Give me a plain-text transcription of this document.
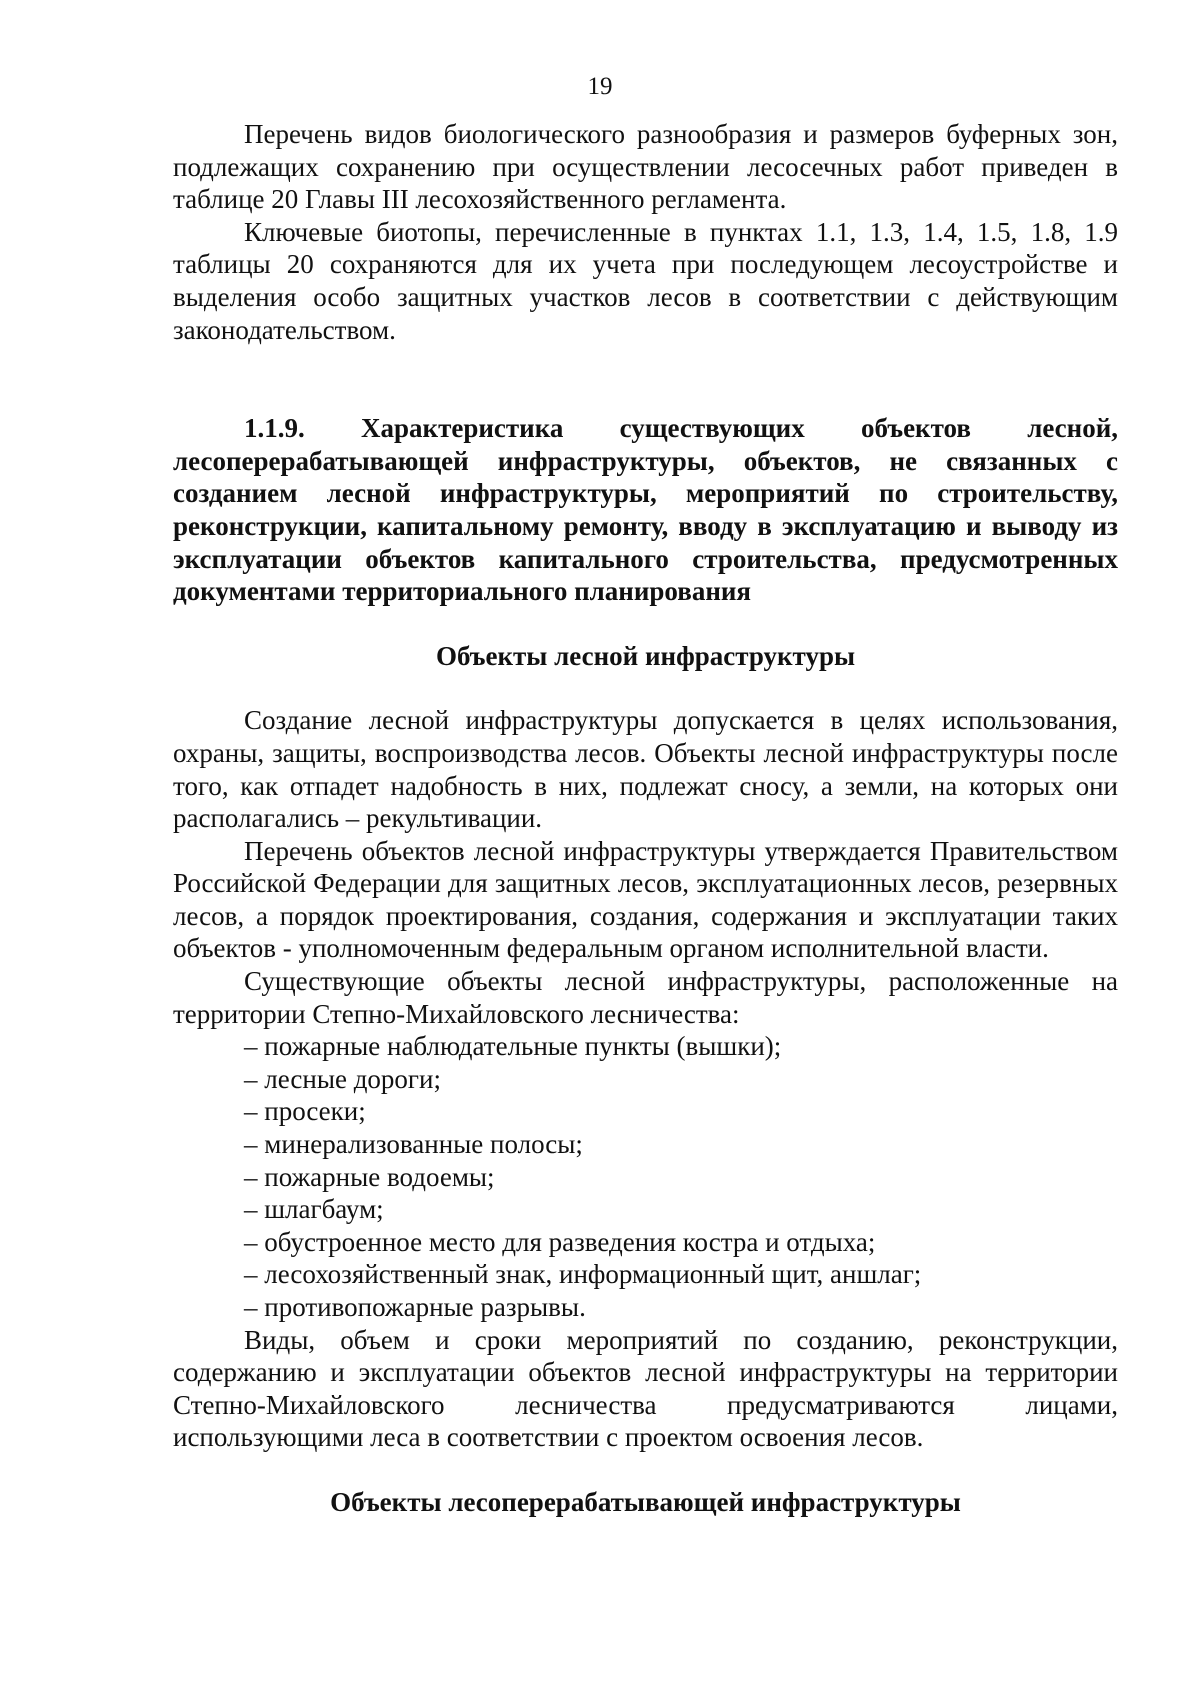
19

Перечень видов биологического разнообразия и размеров буферных зон, подлежащих сохранению при осуществлении лесосечных работ приведен в таблице 20 Главы III лесохозяйственного регламента.

Ключевые биотопы, перечисленные в пунктах 1.1, 1.3, 1.4, 1.5, 1.8, 1.9 таблицы 20 сохраняются для их учета при последующем лесоустройстве и выделения особо защитных участков лесов в соответствии с действующим законодательством.

1.1.9. Характеристика существующих объектов лесной, лесоперерабатывающей инфраструктуры, объектов, не связанных с созданием лесной инфраструктуры, мероприятий по строительству, реконструкции, капитальному ремонту, вводу в эксплуатацию и выводу из эксплуатации объектов капитального строительства, предусмотренных документами территориального планирования
Объекты лесной инфраструктуры

Создание лесной инфраструктуры допускается в целях использования, охраны, защиты, воспроизводства лесов. Объекты лесной инфраструктуры после того, как отпадет надобность в них, подлежат сносу, а земли, на которых они располагались – рекультивации.

Перечень объектов лесной инфраструктуры утверждается Правительством Российской Федерации для защитных лесов, эксплуатационных лесов, резервных лесов, а порядок проектирования, создания, содержания и эксплуатации таких объектов - уполномоченным федеральным органом исполнительной власти.

Существующие объекты лесной инфраструктуры, расположенные на территории Степно-Михайловского лесничества:

– пожарные наблюдательные пункты (вышки);
– лесные дороги;
– просеки;
– минерализованные полосы;
– пожарные водоемы;
– шлагбаум;
– обустроенное место для разведения костра и отдыха;
– лесохозяйственный знак, информационный щит, аншлаг;
– противопожарные разрывы.

Виды, объем и сроки мероприятий по созданию, реконструкции, содержанию и эксплуатации объектов лесной инфраструктуры на территории Степно-Михайловского лесничества предусматриваются лицами, использующими леса в соответствии с проектом освоения лесов.

Объекты лесоперерабатывающей инфраструктуры
